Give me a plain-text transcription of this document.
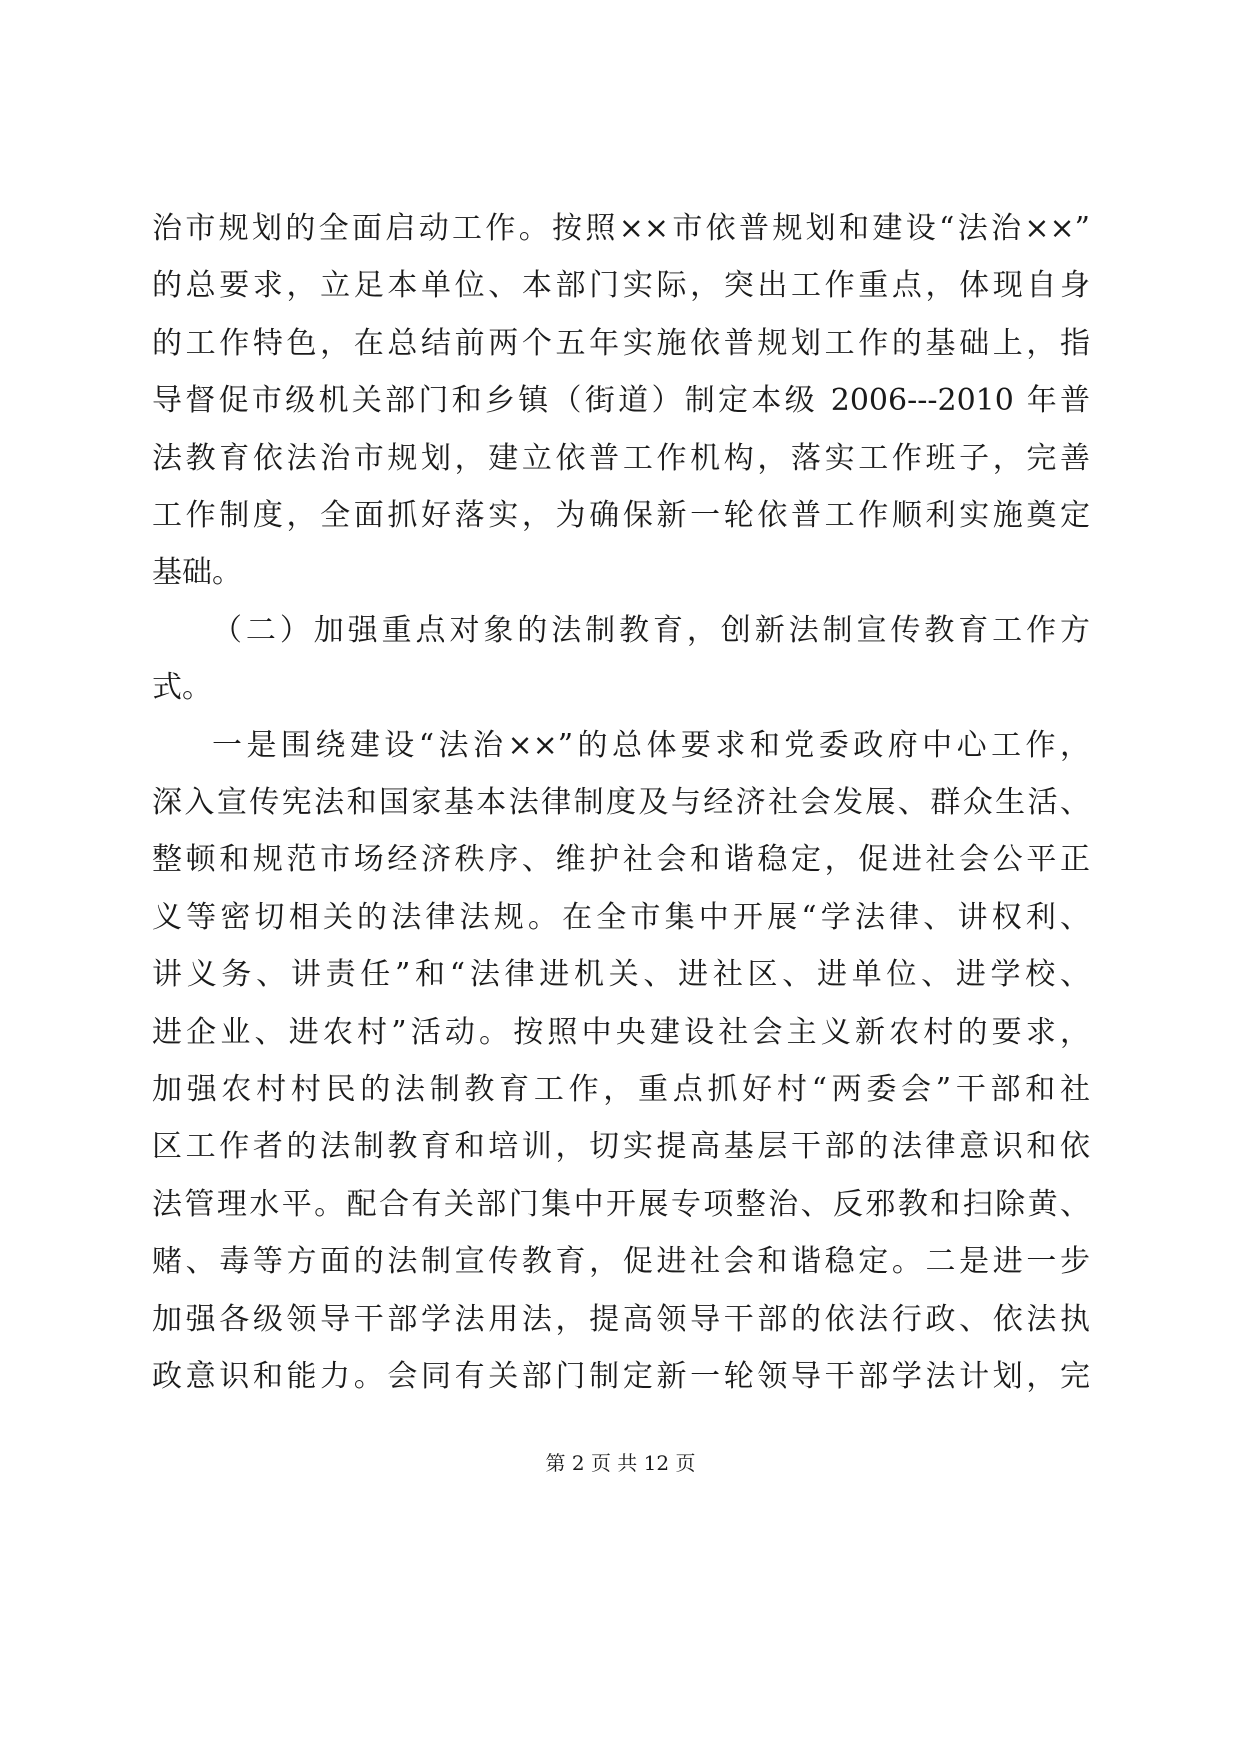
治市规划的全面启动工作。按照××市依普规划和建设“法治××”
的总要求，立足本单位、本部门实际，突出工作重点，体现自身
的工作特色，在总结前两个五年实施依普规划工作的基础上，指
导督促市级机关部门和乡镇（街道）制定本级 2006---2010 年普
法教育依法治市规划，建立依普工作机构，落实工作班子，完善
工作制度，全面抓好落实，为确保新一轮依普工作顺利实施奠定
基础。
（二）加强重点对象的法制教育，创新法制宣传教育工作方
式。
一是围绕建设“法治××”的总体要求和党委政府中心工作，
深入宣传宪法和国家基本法律制度及与经济社会发展、群众生活、
整顿和规范市场经济秩序、维护社会和谐稳定，促进社会公平正
义等密切相关的法律法规。在全市集中开展“学法律、讲权利、
讲义务、讲责任”和“法律进机关、进社区、进单位、进学校、
进企业、进农村”活动。按照中央建设社会主义新农村的要求，
加强农村村民的法制教育工作，重点抓好村“两委会”干部和社
区工作者的法制教育和培训，切实提高基层干部的法律意识和依
法管理水平。配合有关部门集中开展专项整治、反邪教和扫除黄、
赌、毒等方面的法制宣传教育，促进社会和谐稳定。二是进一步
加强各级领导干部学法用法，提高领导干部的依法行政、依法执
政意识和能力。会同有关部门制定新一轮领导干部学法计划，完
第 2 页 共 12 页
